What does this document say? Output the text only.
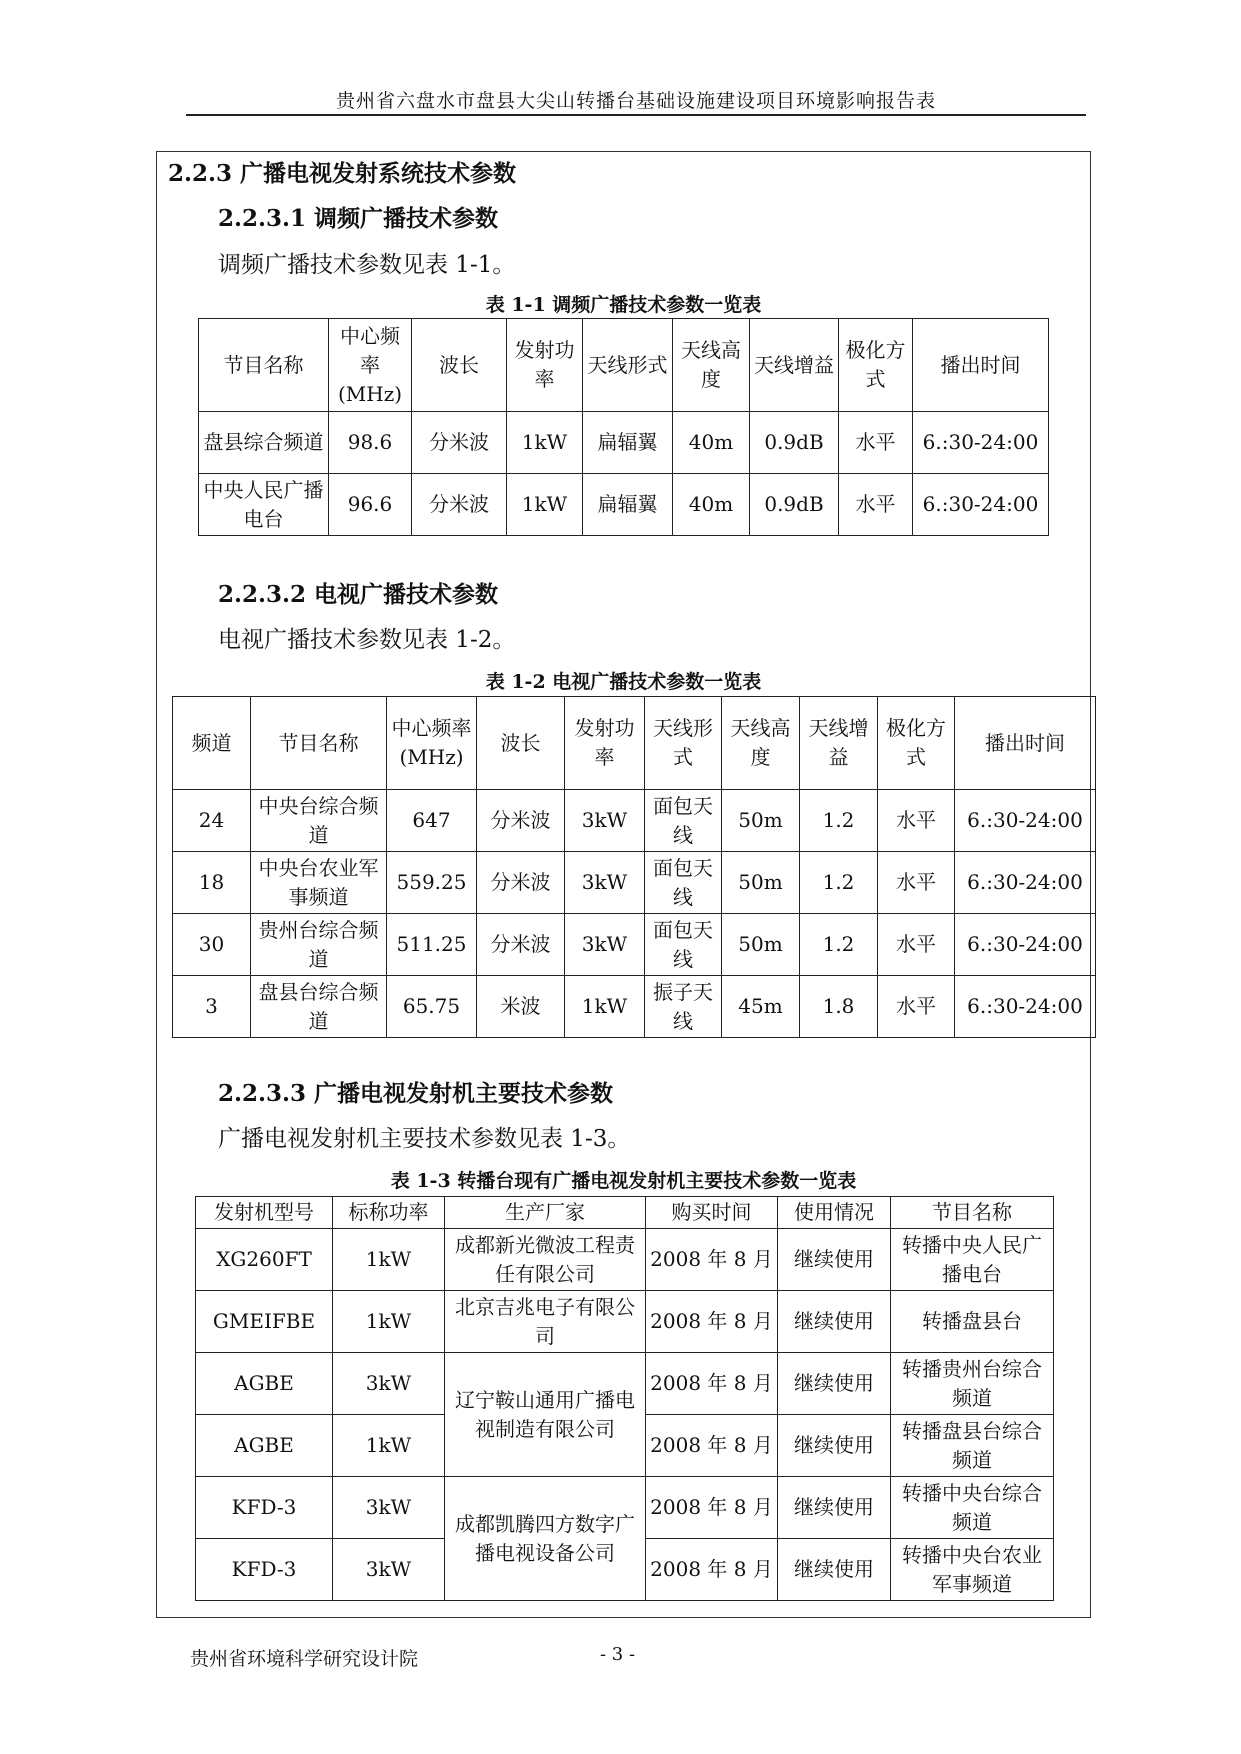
贵州省六盘水市盘县大尖山转播台基础设施建设项目环境影响报告表
2.2.3 广播电视发射系统技术参数
2.2.3.1 调频广播技术参数
调频广播技术参数见表 1-1。
表 1-1 调频广播技术参数一览表
节目名称	中心频率(MHz)	波长	发射功率	天线形式	天线高度	天线增益	极化方式	播出时间
盘县综合频道	98.6	分米波	1kW	扁辐翼	40m	0.9dB	水平	6.:30-24:00
中央人民广播电台	96.6	分米波	1kW	扁辐翼	40m	0.9dB	水平	6.:30-24:00
2.2.3.2 电视广播技术参数
电视广播技术参数见表 1-2。
表 1-2 电视广播技术参数一览表
频道	节目名称	中心频率(MHz)	波长	发射功率	天线形式	天线高度	天线增益	极化方式	播出时间
24	中央台综合频道	647	分米波	3kW	面包天线	50m	1.2	水平	6.:30-24:00
18	中央台农业军事频道	559.25	分米波	3kW	面包天线	50m	1.2	水平	6.:30-24:00
30	贵州台综合频道	511.25	分米波	3kW	面包天线	50m	1.2	水平	6.:30-24:00
3	盘县台综合频道	65.75	米波	1kW	振子天线	45m	1.8	水平	6.:30-24:00
2.2.3.3 广播电视发射机主要技术参数
广播电视发射机主要技术参数见表 1-3。
表 1-3 转播台现有广播电视发射机主要技术参数一览表
发射机型号	标称功率	生产厂家	购买时间	使用情况	节目名称
XG260FT	1kW	成都新光微波工程责任有限公司	2008 年 8 月	继续使用	转播中央人民广播电台
GMEIFBE	1kW	北京吉兆电子有限公司	2008 年 8 月	继续使用	转播盘县台
AGBE	3kW	辽宁鞍山通用广播电视制造有限公司	2008 年 8 月	继续使用	转播贵州台综合频道
AGBE	1kW		2008 年 8 月	继续使用	转播盘县台综合频道
KFD-3	3kW	成都凯腾四方数字广播电视设备公司	2008 年 8 月	继续使用	转播中央台综合频道
KFD-3	3kW		2008 年 8 月	继续使用	转播中央台农业军事频道
贵州省环境科学研究设计院	- 3 -
